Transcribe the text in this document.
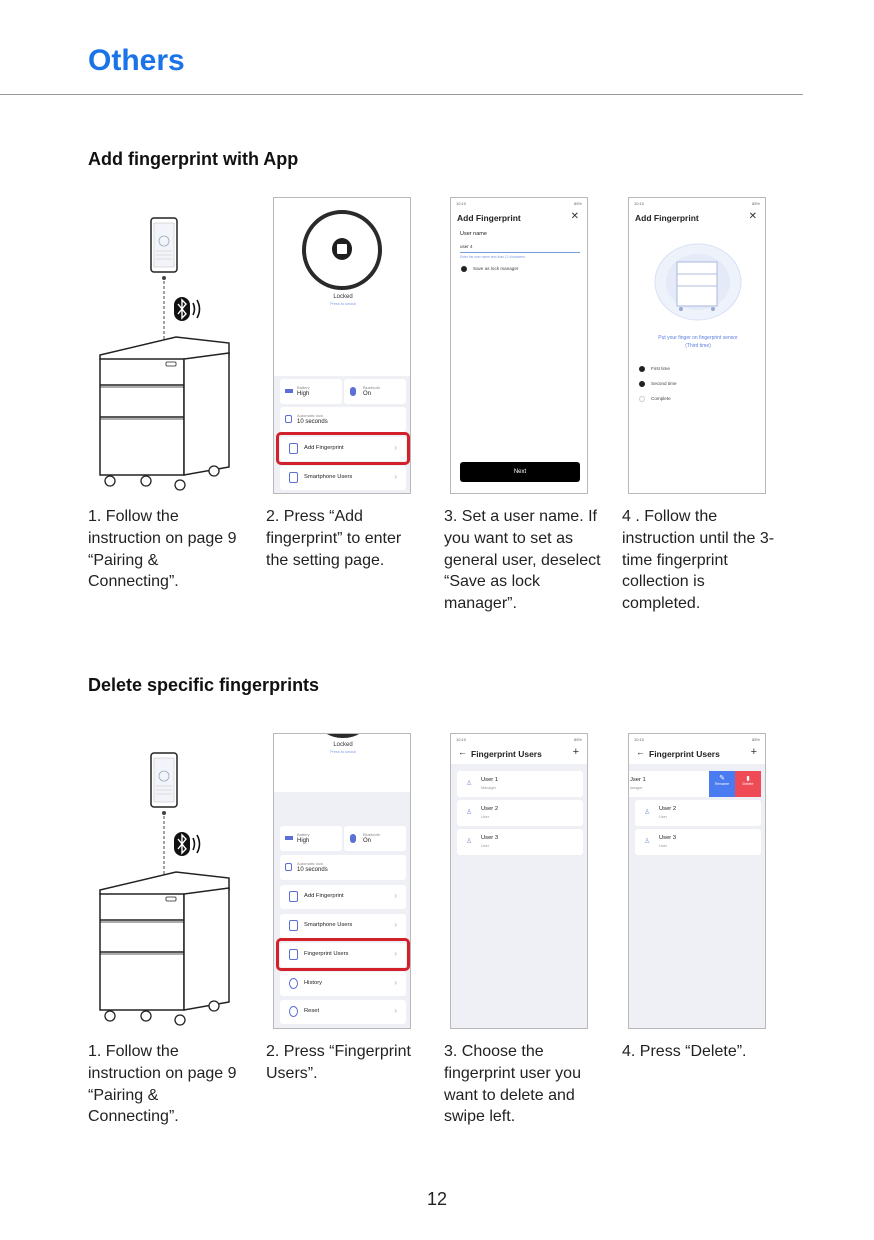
Others
Add fingerprint with App
Locked
Press to unlock
Battery
High
Bluetooth
On
Automatic lock
10 seconds
Add Fingerprint	›
Smartphone Users	›
10:10	85%
Add Fingerprint	✕
User name
user 4
Enter the user name less than 12 characters
Save as lock manager
Next
10:10	85%
Add Fingerprint	✕
Put your finger on fingerprint sensor
(Third time)
First time
Second time
Complete
1. Follow the instruction on page 9 “Pairing & Connecting”.
2. Press “Add fingerprint” to enter the setting page.
3. Set a user name. If you want to set as general user, deselect “Save as lock manager”.
4 . Follow the instruction until the 3-time fingerprint collection is completed.
Delete specific fingerprints
Locked
Press to unlock
Battery
High
Bluetooth
On
Automatic lock
10 seconds
Add Fingerprint	›
Smartphone Users	›
Fingerprint Users	›
History	›
Reset	›
10:10	85%
← Fingerprint Users	+
♙ User 1
Manager
♙ User 2
User
♙ User 3
User
10:10	85%
← Fingerprint Users	+
Jser 1
lanager
✎
Rename
▮
Delete
♙ User 2
User
♙ User 3
User
1. Follow the instruction on page 9 “Pairing & Connecting”.
2. Press “Fingerprint Users”.
3. Choose the fingerprint user you want to delete and swipe left.
4. Press “Delete”.
12
